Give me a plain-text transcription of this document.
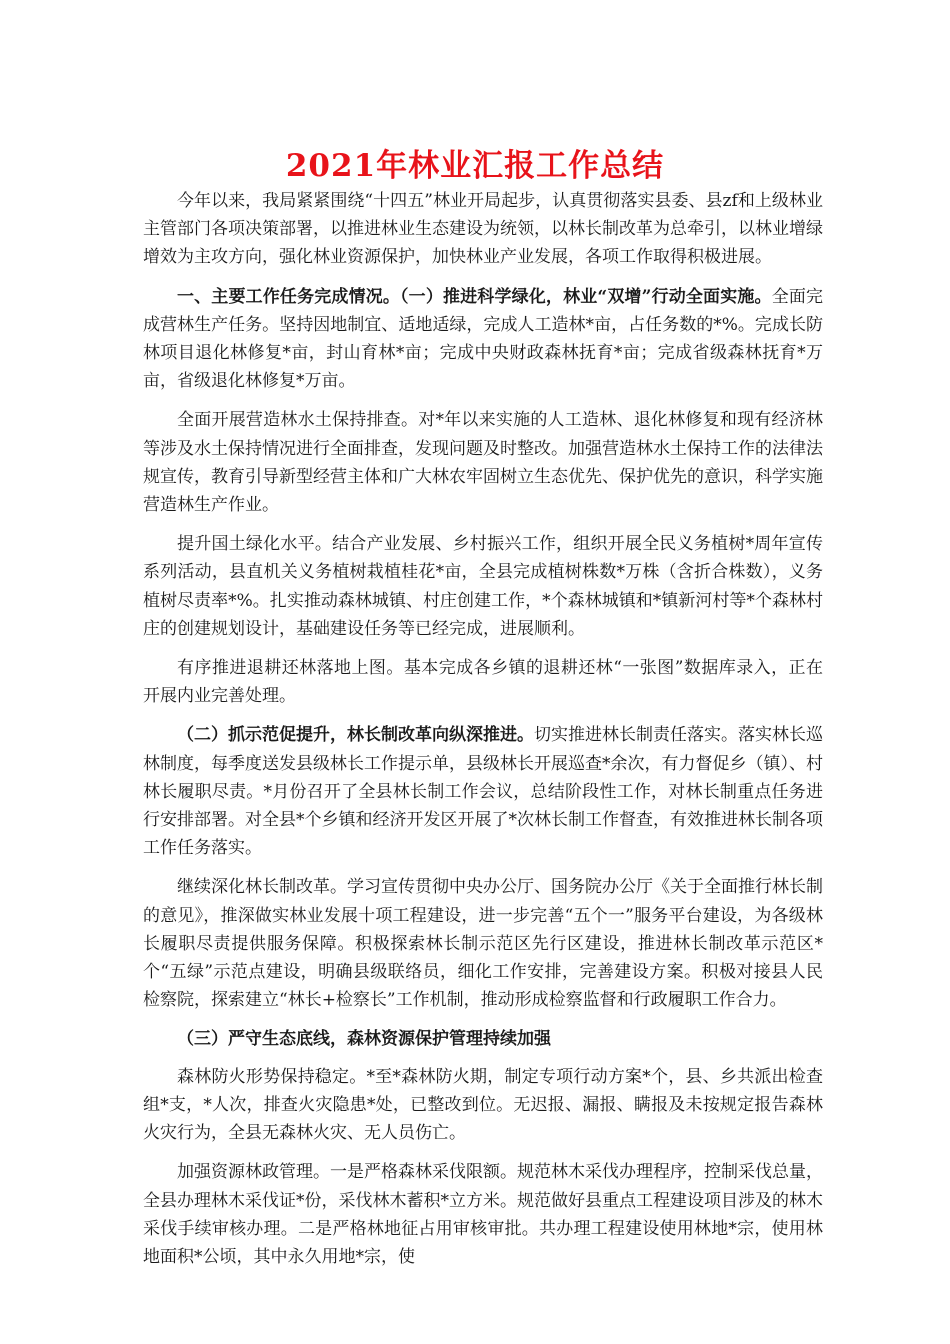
2021年林业汇报工作总结

今年以来，我局紧紧围绕“十四五”林业开局起步，认真贯彻落实县委、县zf和上级林业主管部门各项决策部署，以推进林业生态建设为统领，以林长制改革为总牵引，以林业增绿增效为主攻方向，强化林业资源保护，加快林业产业发展，各项工作取得积极进展。

一、主要工作任务完成情况。（一）推进科学绿化，林业“双增”行动全面实施。全面完成营林生产任务。坚持因地制宜、适地适绿，完成人工造林*亩，占任务数的*%。完成长防林项目退化林修复*亩，封山育林*亩；完成中央财政森林抚育*亩；完成省级森林抚育*万亩，省级退化林修复*万亩。

全面开展营造林水土保持排查。对*年以来实施的人工造林、退化林修复和现有经济林等涉及水土保持情况进行全面排查，发现问题及时整改。加强营造林水土保持工作的法律法规宣传，教育引导新型经营主体和广大林农牢固树立生态优先、保护优先的意识，科学实施营造林生产作业。

提升国土绿化水平。结合产业发展、乡村振兴工作，组织开展全民义务植树*周年宣传系列活动，县直机关义务植树栽植桂花*亩，全县完成植树株数*万株（含折合株数），义务植树尽责率*%。扎实推动森林城镇、村庄创建工作，*个森林城镇和*镇新河村等*个森林村庄的创建规划设计，基础建设任务等已经完成，进展顺利。

有序推进退耕还林落地上图。基本完成各乡镇的退耕还林“一张图”数据库录入，正在开展内业完善处理。

（二）抓示范促提升，林长制改革向纵深推进。切实推进林长制责任落实。落实林长巡林制度，每季度送发县级林长工作提示单，县级林长开展巡查*余次，有力督促乡（镇）、村林长履职尽责。*月份召开了全县林长制工作会议，总结阶段性工作，对林长制重点任务进行安排部署。对全县*个乡镇和经济开发区开展了*次林长制工作督查，有效推进林长制各项工作任务落实。

继续深化林长制改革。学习宣传贯彻中央办公厅、国务院办公厅《关于全面推行林长制的意见》，推深做实林业发展十项工程建设，进一步完善“五个一”服务平台建设，为各级林长履职尽责提供服务保障。积极探索林长制示范区先行区建设，推进林长制改革示范区*个“五绿”示范点建设，明确县级联络员，细化工作安排，完善建设方案。积极对接县人民检察院，探索建立“林长+检察长”工作机制，推动形成检察监督和行政履职工作合力。

（三）严守生态底线，森林资源保护管理持续加强

森林防火形势保持稳定。*至*森林防火期，制定专项行动方案*个，县、乡共派出检查组*支，*人次，排查火灾隐患*处，已整改到位。无迟报、漏报、瞒报及未按规定报告森林火灾行为，全县无森林火灾、无人员伤亡。

加强资源林政管理。一是严格森林采伐限额。规范林木采伐办理程序，控制采伐总量，全县办理林木采伐证*份，采伐林木蓄积*立方米。规范做好县重点工程建设项目涉及的林木采伐手续审核办理。二是严格林地征占用审核审批。共办理工程建设使用林地*宗，使用林地面积*公顷，其中永久用地*宗，使
